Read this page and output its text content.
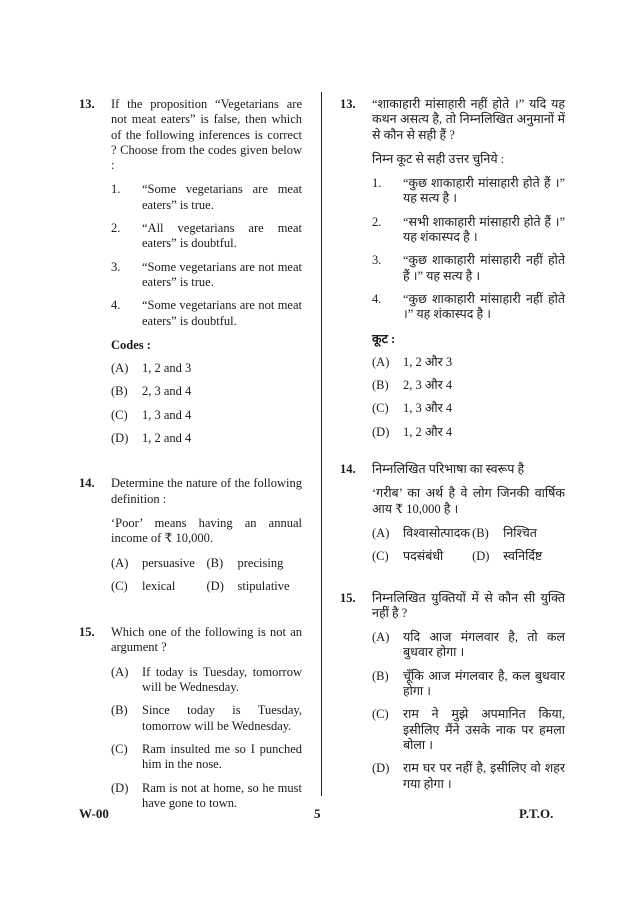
13. If the proposition “Vegetarians are not meat eaters” is false, then which of the following inferences is correct ? Choose from the codes given below :
1. “Some vegetarians are meat eaters” is true.
2. “All vegetarians are meat eaters” is doubtful.
3. “Some vegetarians are not meat eaters” is true.
4. “Some vegetarians are not meat eaters” is doubtful.
Codes :
(A) 1, 2 and 3
(B) 2, 3 and 4
(C) 1, 3 and 4
(D) 1, 2 and 4
14. Determine the nature of the following definition :
‘Poor’ means having an annual income of ₹ 10,000.
(A) persuasive (B) precising
(C) lexical	(D) stipulative
15. Which one of the following is not an argument ?
(A) If today is Tuesday, tomorrow will be Wednesday.
(B) Since today is Tuesday, tomorrow will be Wednesday.
(C) Ram insulted me so I punched him in the nose.
(D) Ram is not at home, so he must have gone to town.
13. “शाकाहारी मांसाहारी नहीं होते ।” यदि यह कथन असत्य है, तो निम्नलिखित अनुमानों में से कौन से सही हैं ?
निम्न कूट से सही उत्तर चुनिये :
1. “कुछ शाकाहारी मांसाहारी होते हैं ।” यह सत्य है ।
2. “सभी शाकाहारी मांसाहारी होते हैं ।” यह शंकास्पद है ।
3. “कुछ शाकाहारी मांसाहारी नहीं होते हैं ।” यह सत्य है ।
4. “कुछ शाकाहारी मांसाहारी नहीं होते ।” यह शंकास्पद है ।
कूट :
(A) 1, 2 और 3
(B) 2, 3 और 4
(C) 1, 3 और 4
(D) 1, 2 और 4
14. निम्नलिखित परिभाषा का स्वरूप है
‘गरीब’ का अर्थ है वे लोग जिनकी वार्षिक आय ₹ 10,000 है ।
(A) विश्वासोत्पादक (B) निश्चित
(C) पदसंबंधी	(D) स्वनिर्दिष्ट
15. निम्नलिखित युक्तियों में से कौन सी युक्ति नहीं है ?
(A) यदि आज मंगलवार है, तो कल बुधवार होगा ।
(B) चूँकि आज मंगलवार है, कल बुधवार होगा ।
(C) राम ने मुझे अपमानित किया, इसीलिए मैंने उसके नाक पर हमला बोला ।
(D) राम घर पर नहीं है, इसीलिए वो शहर गया होगा ।
W-00	5	P.T.O.
